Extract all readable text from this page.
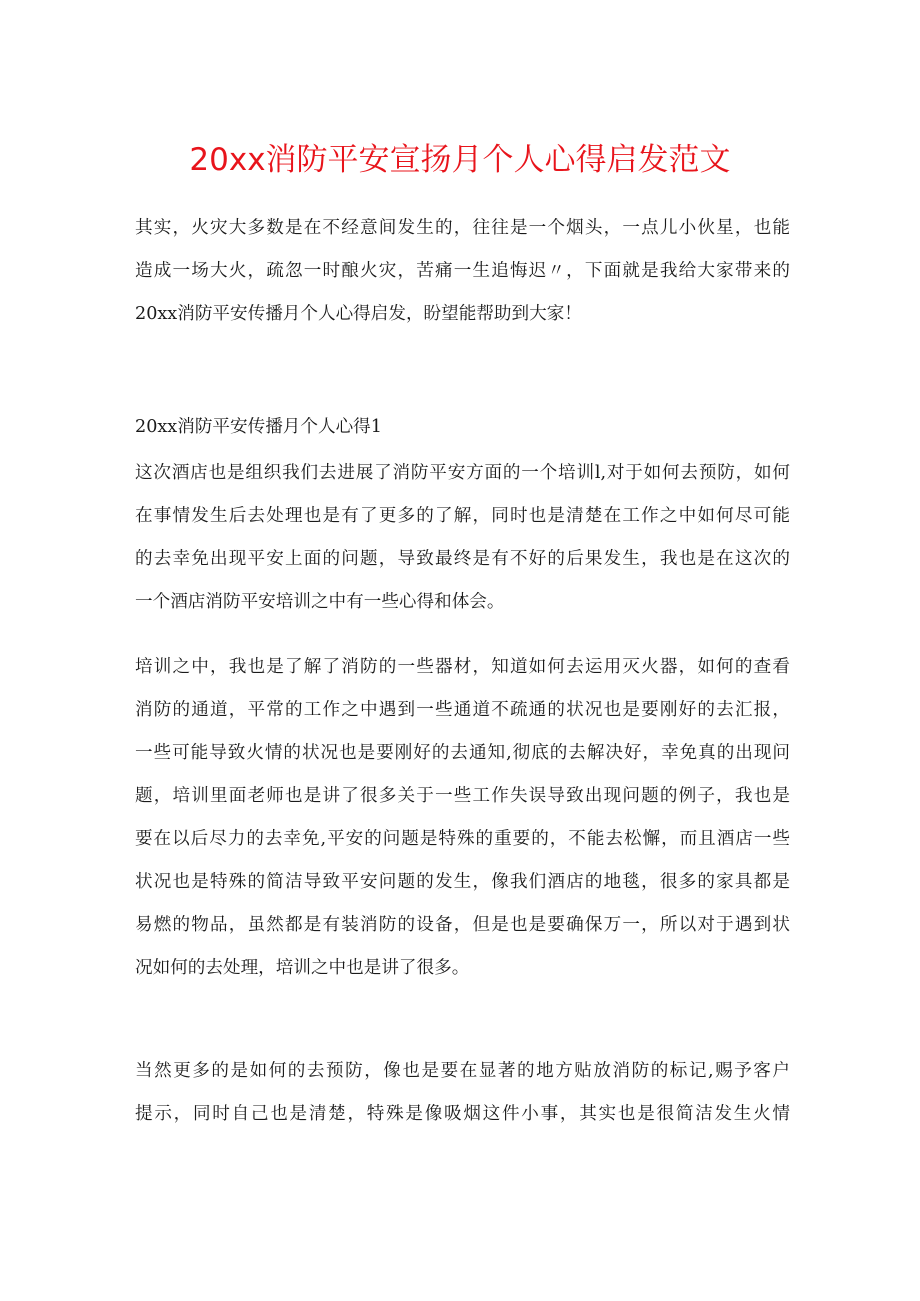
20xx消防平安宣扬月个人心得启发范文
其实，火灾大多数是在不经意间发生的，往往是一个烟头，一点儿小伙星，也能
造成一场大火，疏忽一时酿火灾，苦痛一生追悔迟〃，下面就是我给大家带来的
20xx消防平安传播月个人心得启发，盼望能帮助到大家！
20xx消防平安传播月个人心得1
这次酒店也是组织我们去进展了消防平安方面的一个培训l,对于如何去预防，如何
在事情发生后去处理也是有了更多的了解，同时也是清楚在工作之中如何尽可能
的去幸免出现平安上面的问题，导致最终是有不好的后果发生，我也是在这次的
一个酒店消防平安培训之中有一些心得和体会。
培训之中，我也是了解了消防的一些器材，知道如何去运用灭火器，如何的查看
消防的通道，平常的工作之中遇到一些通道不疏通的状况也是要刚好的去汇报，
一些可能导致火情的状况也是要刚好的去通知,彻底的去解决好，幸免真的出现问
题，培训里面老师也是讲了很多关于一些工作失误导致出现问题的例子，我也是
要在以后尽力的去幸免,平安的问题是特殊的重要的，不能去松懈，而且酒店一些
状况也是特殊的简洁导致平安问题的发生，像我们酒店的地毯，很多的家具都是
易燃的物品，虽然都是有装消防的设备，但是也是要确保万一，所以对于遇到状
况如何的去处理，培训之中也是讲了很多。
当然更多的是如何的去预防，像也是要在显著的地方贴放消防的标记,赐予客户
提示，同时自己也是清楚，特殊是像吸烟这件小事，其实也是很简洁发生火情
